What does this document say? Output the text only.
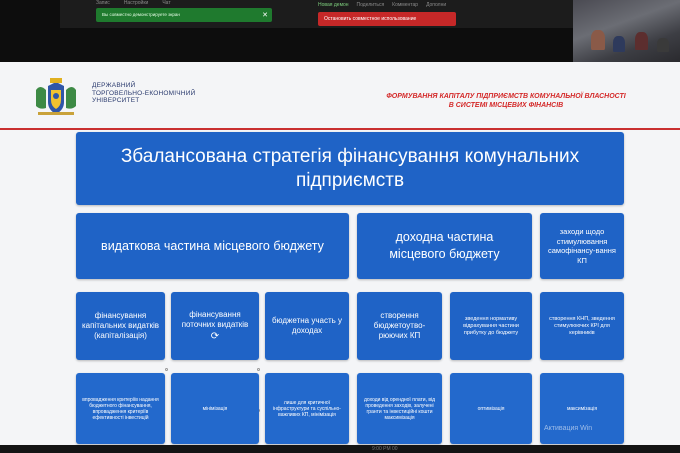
Запис	Настройки	Чат
Вы совместно демонстрируете экран	✕
Новая демон Поделиться Комментар Дополни
Остановить совместное использование
ДЕРЖАВНИЙ
ТОРГОВЕЛЬНО-ЕКОНОМІЧНИЙ
УНІВЕРСИТЕТ
ФОРМУВАННЯ КАПІТАЛУ ПІДПРИЄМСТВ КОМУНАЛЬНОЇ ВЛАСНОСТІ
В СИСТЕМІ МІСЦЕВИХ ФІНАНСІВ
Збалансована стратегія фінансування комунальних підприємств
видаткова частина місцевого бюджету
доходна частина місцевого бюджету
заходи щодо стимулювання самофінансу-вання КП
фінансування капітальних видатків (капіталізація)
фінансування поточних видатків
⟳
бюджетна участь у доходах
створення бюджетоутво-рюючих КП
зведення нормативу відрахування частини прибутку до бюджету
створення КНП, зведення стимулюючих КРІ для керівників
впровадження критеріїв надання бюджетного фінансування, впровадження критеріїв ефективності інвестицій
мінімізація
лише для критичної інфраструктури та суспільно-важливих КП, мінімізація
доходи від орендної плати, від проведення заходів, залучені гранти та інвестиційні кошти максимізація
оптимізація	максимізація
Активация Win
9:00 PM 00
